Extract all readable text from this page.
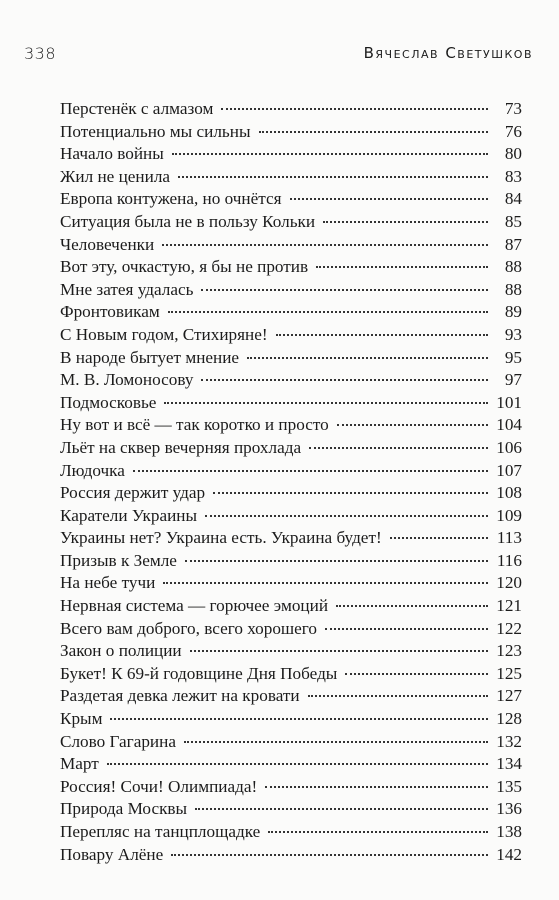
338	Вячеслав Светушков
Перстенёк с алмазом	73
Потенциально мы сильны	76
Начало войны	80
Жил не ценила	83
Европа контужена, но очнётся	84
Ситуация была не в пользу Кольки	85
Человеченки	87
Вот эту, очкастую, я бы не против	88
Мне затея удалась	88
Фронтовикам	89
С Новым годом, Стихиряне!	93
В народе бытует мнение	95
М. В. Ломоносову	97
Подмосковье	101
Ну вот и всё — так коротко и просто	104
Льёт на сквер вечерняя прохлада	106
Людочка	107
Россия держит удар	108
Каратели Украины	109
Украины нет? Украина есть. Украина будет!	113
Призыв к Земле	116
На небе тучи	120
Нервная система — горючее эмоций	121
Всего вам доброго, всего хорошего	122
Закон о полиции	123
Букет! К 69-й годовщине Дня Победы	125
Раздетая девка лежит на кровати	127
Крым	128
Слово Гагарина	132
Март	134
Россия! Сочи! Олимпиада!	135
Природа Москвы	136
Перепляс на танцплощадке	138
Повару Алёне	142
